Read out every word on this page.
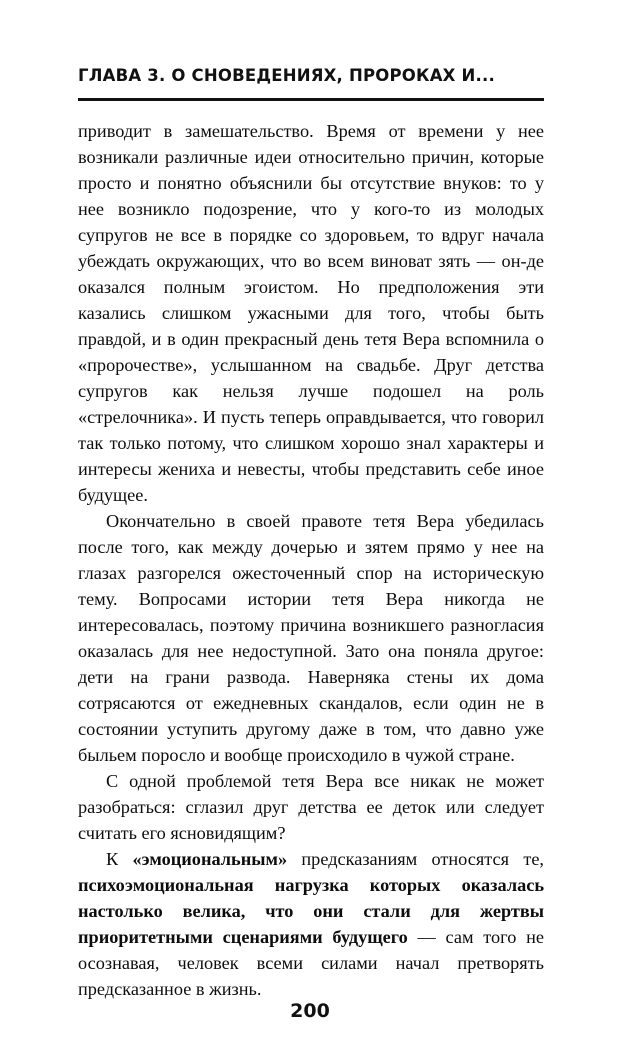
ГЛАВА 3. О СНОВЕДЕНИЯХ, ПРОРОКАХ И...

приводит в замешательство. Время от времени у нее возникали различные идеи относительно причин, которые просто и понятно объяснили бы отсутствие внуков: то у нее возникло подозрение, что у кого-то из молодых супругов не все в порядке со здоровьем, то вдруг начала убеждать окружающих, что во всем виноват зять — он-де оказался полным эгоистом. Но предположения эти казались слишком ужасными для того, чтобы быть правдой, и в один прекрасный день тетя Вера вспомнила о «пророчестве», услышанном на свадьбе. Друг детства супругов как нельзя лучше подошел на роль «стрелочника». И пусть теперь оправдывается, что говорил так только потому, что слишком хорошо знал характеры и интересы жениха и невесты, чтобы представить себе иное будущее.

Окончательно в своей правоте тетя Вера убедилась после того, как между дочерью и зятем прямо у нее на глазах разгорелся ожесточенный спор на историческую тему. Вопросами истории тетя Вера никогда не интересовалась, поэтому причина возникшего разногласия оказалась для нее недоступной. Зато она поняла другое: дети на грани развода. Наверняка стены их дома сотрясаются от ежедневных скандалов, если один не в состоянии уступить другому даже в том, что давно уже быльем поросло и вообще происходило в чужой стране.

С одной проблемой тетя Вера все никак не может разобраться: сглазил друг детства ее деток или следует считать его ясновидящим?

К «эмоциональным» предсказаниям относятся те, психоэмоциональная нагрузка которых оказалась настолько велика, что они стали для жертвы приоритетными сценариями будущего — сам того не осознавая, человек всеми силами начал претворять предсказанное в жизнь.

200
